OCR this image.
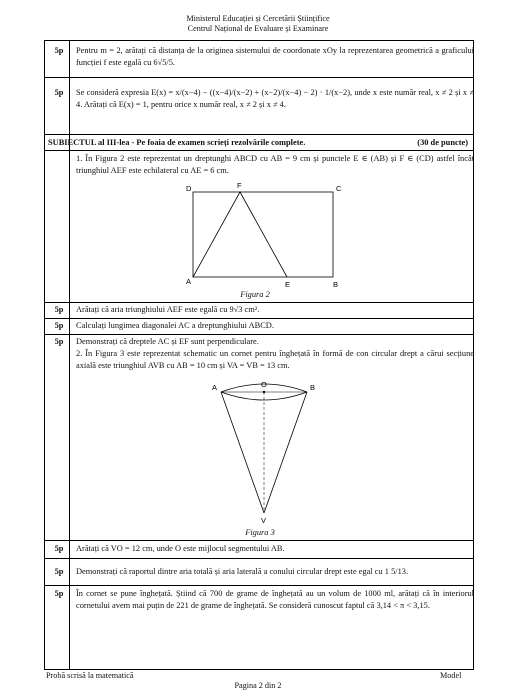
Ministerul Educației și Cercetării Științifice
Centrul Național de Evaluare și Examinare
5p	Pentru m = 2, arătați că distanța de la originea sistemului de coordonate xOy la reprezentarea geometrică a graficului funcției f este egală cu 6√5/5.
5p	Se consideră expresia E(x) = x/(x−4) − ((x−4)/(x−2) + (x−2)/(x−4) − 2) · 1/(x−2), unde x este număr real, x ≠ 2 și x ≠ 4. Arătați că E(x) = 1, pentru orice x număr real, x ≠ 2 și x ≠ 4.
SUBIECTUL al III-lea - Pe foaia de examen scrieți rezolvările complete.	(30 de puncte)
1. În Figura 2 este reprezentat un dreptunghi ABCD cu AB = 9 cm și punctele E ∈ (AB) și F ∈ (CD) astfel încât triunghiul AEF este echilateral cu AE = 6 cm.
D	F	C
A	E	B
Figura 2
5p	Arătați că aria triunghiului AEF este egală cu 9√3 cm².
5p	Calculați lungimea diagonalei AC a dreptunghiului ABCD.
5p	Demonstrați că dreptele AC și EF sunt perpendiculare.
2. În Figura 3 este reprezentat schematic un cornet pentru înghețată în formă de con circular drept a cărui secțiune axială este triunghiul AVB cu AB = 10 cm și VA = VB = 13 cm.
A	O	B
V
Figura 3
5p	Arătați că VO = 12 cm, unde O este mijlocul segmentului AB.
5p	Demonstrați că raportul dintre aria totală și aria laterală a conului circular drept este egal cu 1 5/13.
5p	În cornet se pune înghețată. Știind că 700 de grame de înghețată au un volum de 1000 ml, arătați că în interiorul cornetului avem mai puțin de 221 de grame de înghețată. Se consideră cunoscut faptul că 3,14 < π < 3,15.
Probă scrisă la matematică
Pagina 2 din 2
Model
